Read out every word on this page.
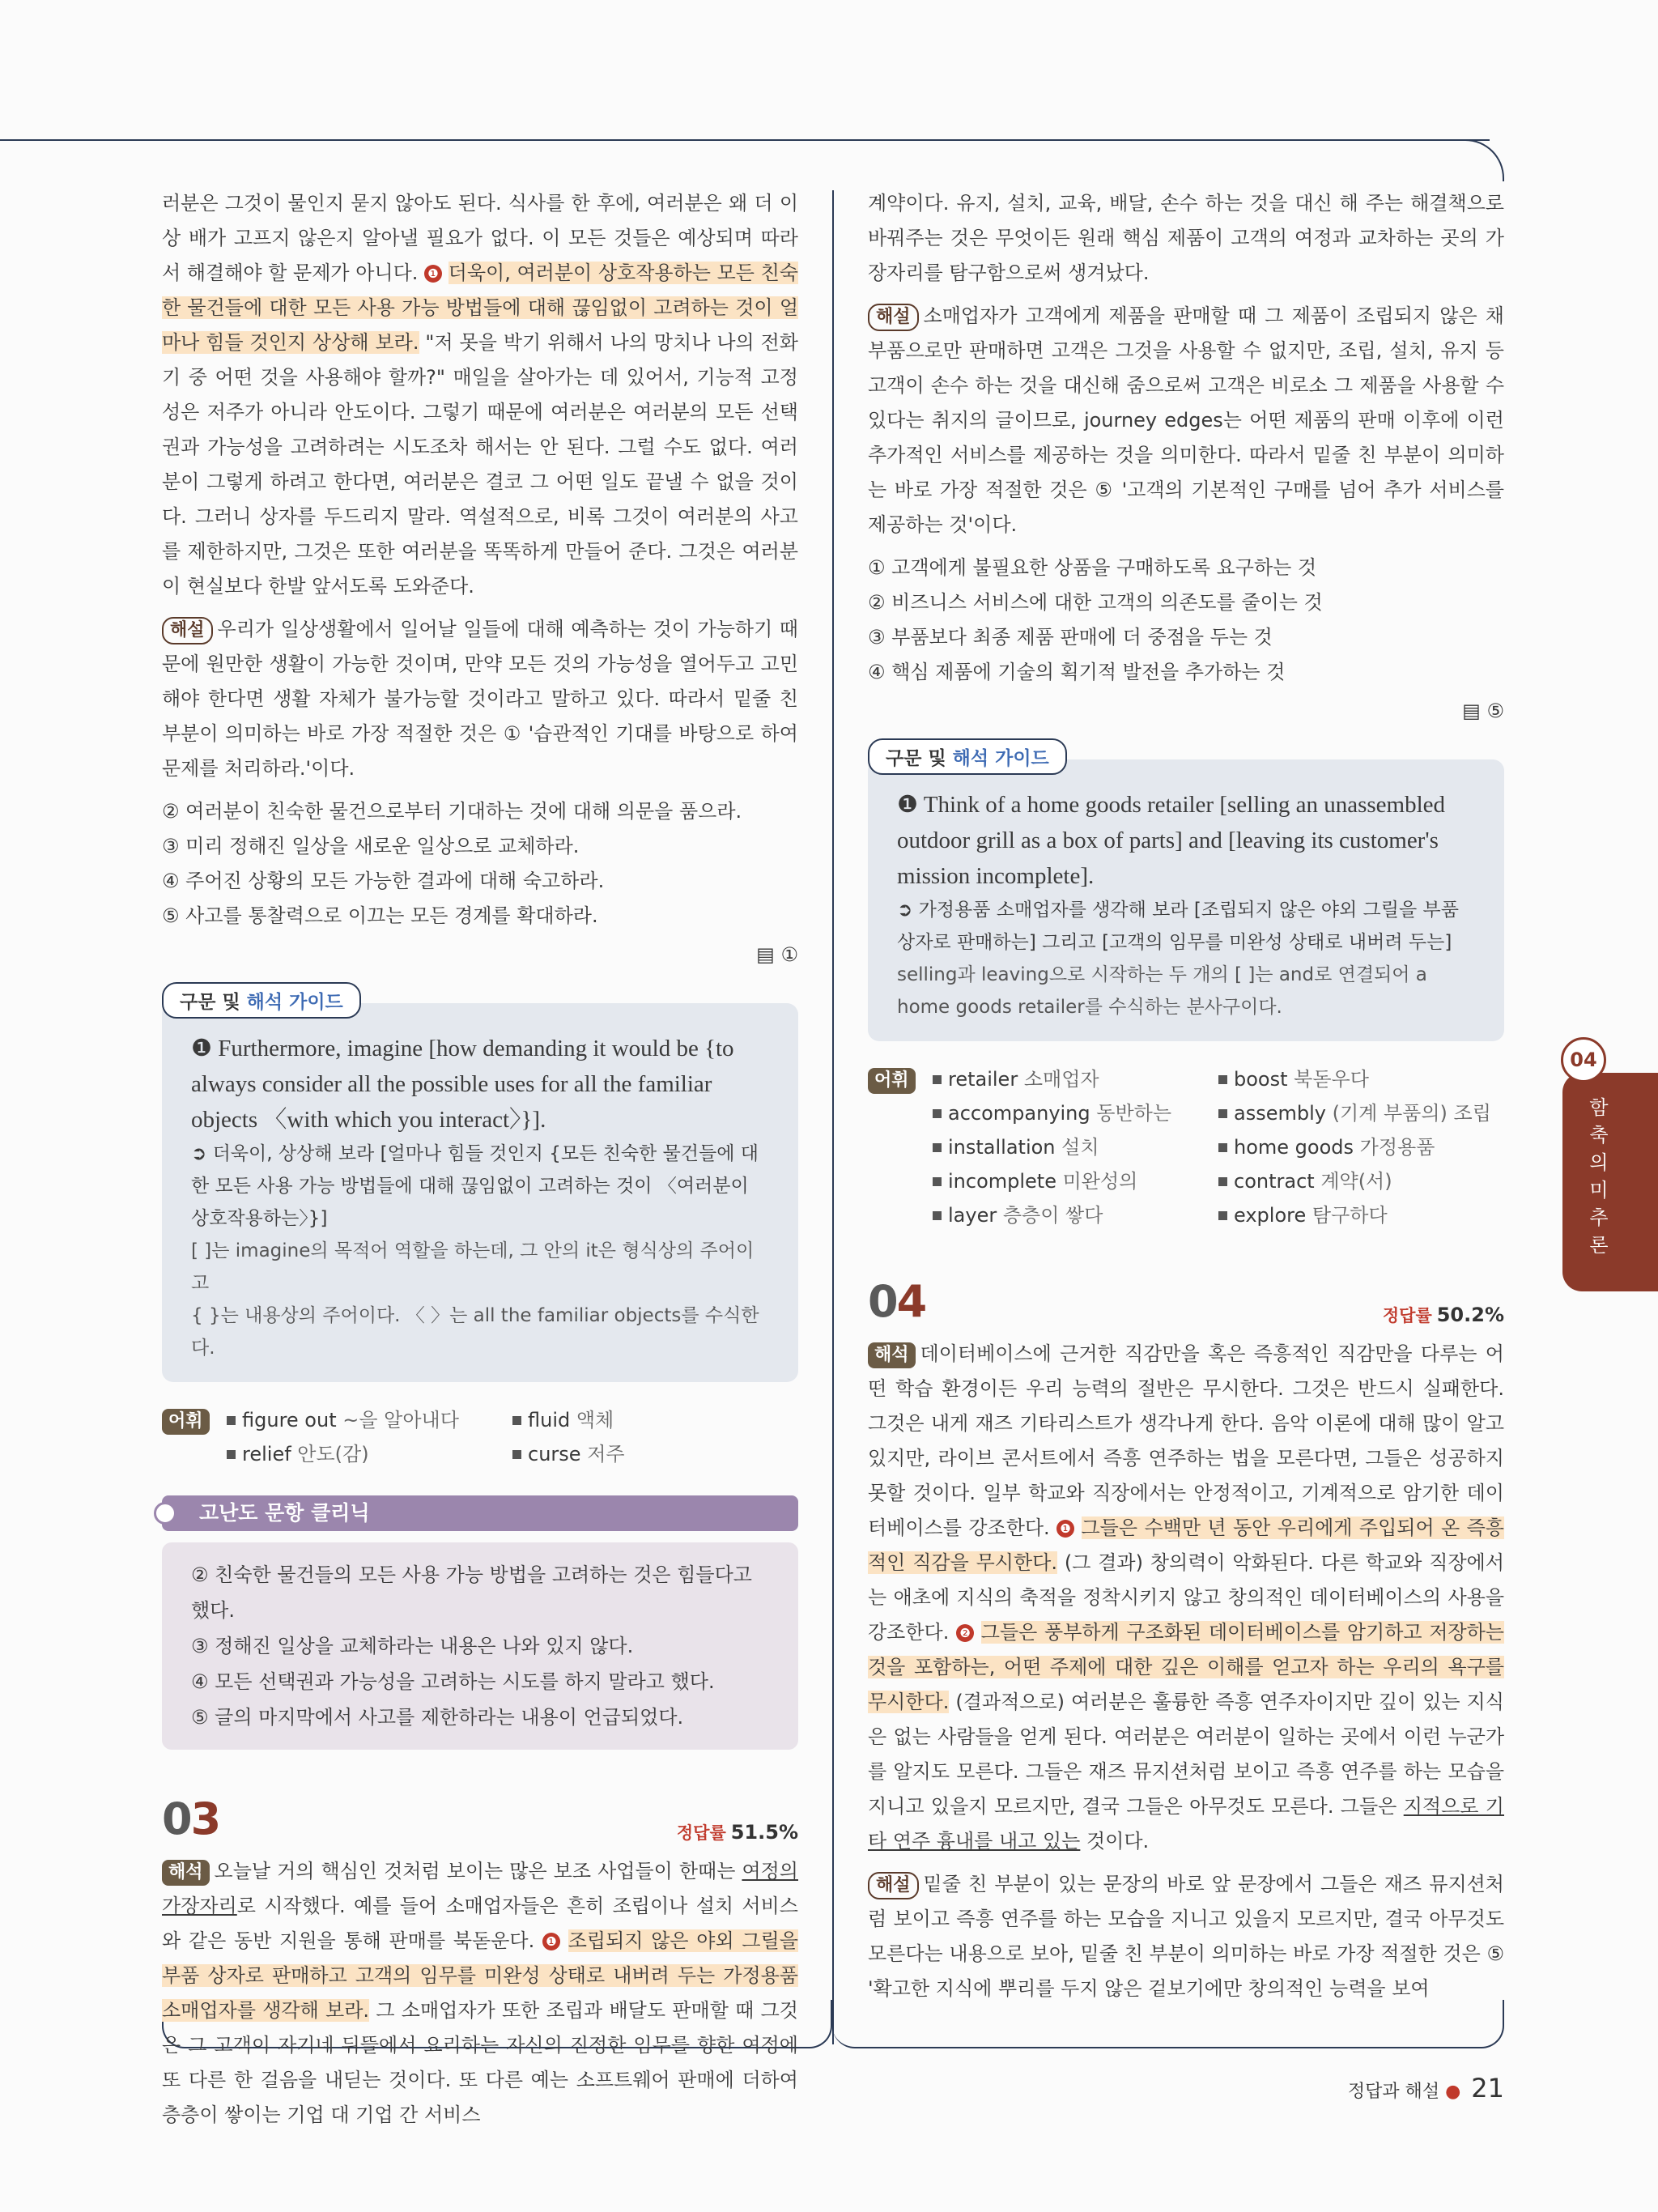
러분은 그것이 물인지 묻지 않아도 된다. 식사를 한 후에, 여러분은 왜 더 이상 배가 고프지 않은지 알아낼 필요가 없다. 이 모든 것들은 예상되며 따라서 해결해야 할 문제가 아니다. ❶ 더욱이, 여러분이 상호작용하는 모든 친숙한 물건들에 대한 모든 사용 가능 방법들에 대해 끊임없이 고려하는 것이 얼마나 힘들 것인지 상상해 보라. "저 못을 박기 위해서 나의 망치나 나의 전화기 중 어떤 것을 사용해야 할까?" 매일을 살아가는 데 있어서, 기능적 고정성은 저주가 아니라 안도이다. 그렇기 때문에 여러분은 여러분의 모든 선택권과 가능성을 고려하려는 시도조차 해서는 안 된다. 그럴 수도 없다. 여러분이 그렇게 하려고 한다면, 여러분은 결코 그 어떤 일도 끝낼 수 없을 것이다. 그러니 상자를 두드리지 말라. 역설적으로, 비록 그것이 여러분의 사고를 제한하지만, 그것은 또한 여러분을 똑똑하게 만들어 준다. 그것은 여러분이 현실보다 한발 앞서도록 도와준다.

해설 우리가 일상생활에서 일어날 일들에 대해 예측하는 것이 가능하기 때문에 원만한 생활이 가능한 것이며, 만약 모든 것의 가능성을 열어두고 고민해야 한다면 생활 자체가 불가능할 것이라고 말하고 있다. 따라서 밑줄 친 부분이 의미하는 바로 가장 적절한 것은 ① '습관적인 기대를 바탕으로 하여 문제를 처리하라.'이다.

② 여러분이 친숙한 물건으로부터 기대하는 것에 대해 의문을 품으라.

③ 미리 정해진 일상을 새로운 일상으로 교체하라.

④ 주어진 상황의 모든 가능한 결과에 대해 숙고하라.

⑤ 사고를 통찰력으로 이끄는 모든 경계를 확대하라.

▤ ①
구문 및 해석 가이드

❶ Furthermore, imagine [how demanding it would be {to always consider all the possible uses for all the familiar objects 〈with which you interact〉}].

➲ 더욱이, 상상해 보라 [얼마나 힘들 것인지 {모든 친숙한 물건들에 대한 모든 사용 가능 방법들에 대해 끊임없이 고려하는 것이 〈여러분이 상호작용하는〉}]

[ ]는 imagine의 목적어 역할을 하는데, 그 안의 it은 형식상의 주어이고

{ }는 내용상의 주어이다. 〈 〉는 all the familiar objects를 수식한다.

어휘	figure out ~을 알아내다	fluid 액체
relief 안도(감)	curse 저주
고난도 문항 클리닉

② 친숙한 물건들의 모든 사용 가능 방법을 고려하는 것은 힘들다고 했다.

③ 정해진 일상을 교체하라는 내용은 나와 있지 않다.

④ 모든 선택권과 가능성을 고려하는 시도를 하지 말라고 했다.

⑤ 글의 마지막에서 사고를 제한하라는 내용이 언급되었다.

03	정답률 51.5%

해석 오늘날 거의 핵심인 것처럼 보이는 많은 보조 사업들이 한때는 여정의 가장자리로 시작했다. 예를 들어 소매업자들은 흔히 조립이나 설치 서비스와 같은 동반 지원을 통해 판매를 북돋운다. ❶ 조립되지 않은 야외 그릴을 부품 상자로 판매하고 고객의 임무를 미완성 상태로 내버려 두는 가정용품 소매업자를 생각해 보라. 그 소매업자가 또한 조립과 배달도 판매할 때 그것은 그 고객이 자기네 뒤뜰에서 요리하는 자신의 진정한 임무를 향한 여정에 또 다른 한 걸음을 내딛는 것이다. 또 다른 예는 소프트웨어 판매에 더하여 층층이 쌓이는 기업 대 기업 간 서비스

계약이다. 유지, 설치, 교육, 배달, 손수 하는 것을 대신 해 주는 해결책으로 바꿔주는 것은 무엇이든 원래 핵심 제품이 고객의 여정과 교차하는 곳의 가장자리를 탐구함으로써 생겨났다.

해설 소매업자가 고객에게 제품을 판매할 때 그 제품이 조립되지 않은 채 부품으로만 판매하면 고객은 그것을 사용할 수 없지만, 조립, 설치, 유지 등 고객이 손수 하는 것을 대신해 줌으로써 고객은 비로소 그 제품을 사용할 수 있다는 취지의 글이므로, journey edges는 어떤 제품의 판매 이후에 이런 추가적인 서비스를 제공하는 것을 의미한다. 따라서 밑줄 친 부분이 의미하는 바로 가장 적절한 것은 ⑤ '고객의 기본적인 구매를 넘어 추가 서비스를 제공하는 것'이다.

① 고객에게 불필요한 상품을 구매하도록 요구하는 것

② 비즈니스 서비스에 대한 고객의 의존도를 줄이는 것

③ 부품보다 최종 제품 판매에 더 중점을 두는 것

④ 핵심 제품에 기술의 획기적 발전을 추가하는 것

▤ ⑤
구문 및 해석 가이드

❶ Think of a home goods retailer [selling an unassembled outdoor grill as a box of parts] and [leaving its customer's mission incomplete].

➲ 가정용품 소매업자를 생각해 보라 [조립되지 않은 야외 그릴을 부품 상자로 판매하는] 그리고 [고객의 임무를 미완성 상태로 내버려 두는]

selling과 leaving으로 시작하는 두 개의 [ ]는 and로 연결되어 a

home goods retailer를 수식하는 분사구이다.

어휘	retailer 소매업자	boost 북돋우다
accompanying 동반하는	assembly (기계 부품의) 조립
installation 설치	home goods 가정용품
incomplete 미완성의	contract 계약(서)
layer 층층이 쌓다	explore 탐구하다
04	정답률 50.2%

해석 데이터베이스에 근거한 직감만을 혹은 즉흥적인 직감만을 다루는 어떤 학습 환경이든 우리 능력의 절반은 무시한다. 그것은 반드시 실패한다. 그것은 내게 재즈 기타리스트가 생각나게 한다. 음악 이론에 대해 많이 알고 있지만, 라이브 콘서트에서 즉흥 연주하는 법을 모른다면, 그들은 성공하지 못할 것이다. 일부 학교와 직장에서는 안정적이고, 기계적으로 암기한 데이터베이스를 강조한다. ❶ 그들은 수백만 년 동안 우리에게 주입되어 온 즉흥적인 직감을 무시한다. (그 결과) 창의력이 악화된다. 다른 학교와 직장에서는 애초에 지식의 축적을 정착시키지 않고 창의적인 데이터베이스의 사용을 강조한다. ❷ 그들은 풍부하게 구조화된 데이터베이스를 암기하고 저장하는 것을 포함하는, 어떤 주제에 대한 깊은 이해를 얻고자 하는 우리의 욕구를 무시한다. (결과적으로) 여러분은 훌륭한 즉흥 연주자이지만 깊이 있는 지식은 없는 사람들을 얻게 된다. 여러분은 여러분이 일하는 곳에서 이런 누군가를 알지도 모른다. 그들은 재즈 뮤지션처럼 보이고 즉흥 연주를 하는 모습을 지니고 있을지 모르지만, 결국 그들은 아무것도 모른다. 그들은 지적으로 기타 연주 흉내를 내고 있는 것이다.

해설 밑줄 친 부분이 있는 문장의 바로 앞 문장에서 그들은 재즈 뮤지션처럼 보이고 즉흥 연주를 하는 모습을 지니고 있을지 모르지만, 결국 아무것도 모른다는 내용으로 보아, 밑줄 친 부분이 의미하는 바로 가장 적절한 것은 ⑤ '확고한 지식에 뿌리를 두지 않은 겉보기에만 창의적인 능력을 보여

04
함축의미추론
정답과 해설 ● 21
